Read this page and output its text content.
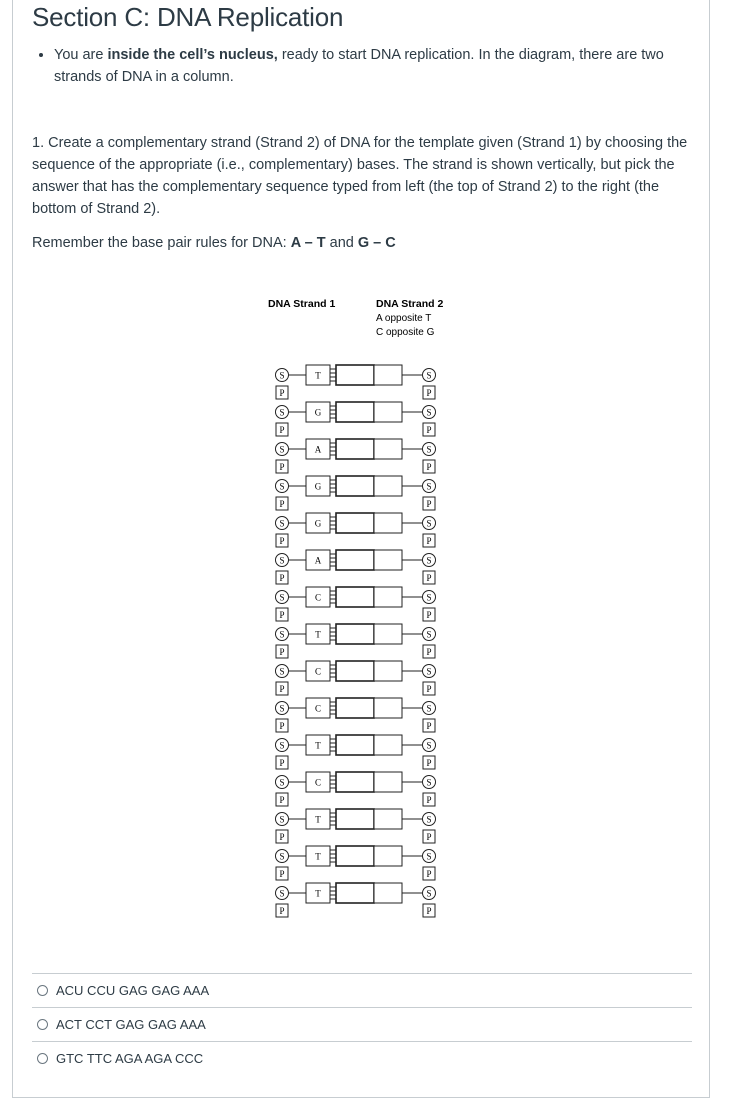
Section C: DNA Replication
• You are inside the cell’s nucleus, ready to start DNA replication. In the diagram, there are two strands of DNA in a column.

1. Create a complementary strand (Strand 2) of DNA for the template given (Strand 1) by choosing the sequence of the appropriate (i.e., complementary) bases. The strand is shown vertically, but pick the answer that has the complementary sequence typed from left (the top of Strand 2) to the right (the bottom of Strand 2).

Remember the base pair rules for DNA: A – T and G – C

DNA Strand 1	DNA Strand 2
A opposite T
C opposite G
S	T	S
P	P
S	G	S
P	P
S	A	S
P	P
S	G	S
P	P
S	G	S
P	P
S	A	S
P	P
S	C	S
P	P
S	T	S
P	P
S	C	S
P	P
S	C	S
P	P
S	T	S
P	P
S	C	S
P	P
S	T	S
P	P
S	T	S
P	P
S	T	S
P	P
ACU CCU GAG GAG AAA
ACT CCT GAG GAG AAA
GTC TTC AGA AGA CCC
